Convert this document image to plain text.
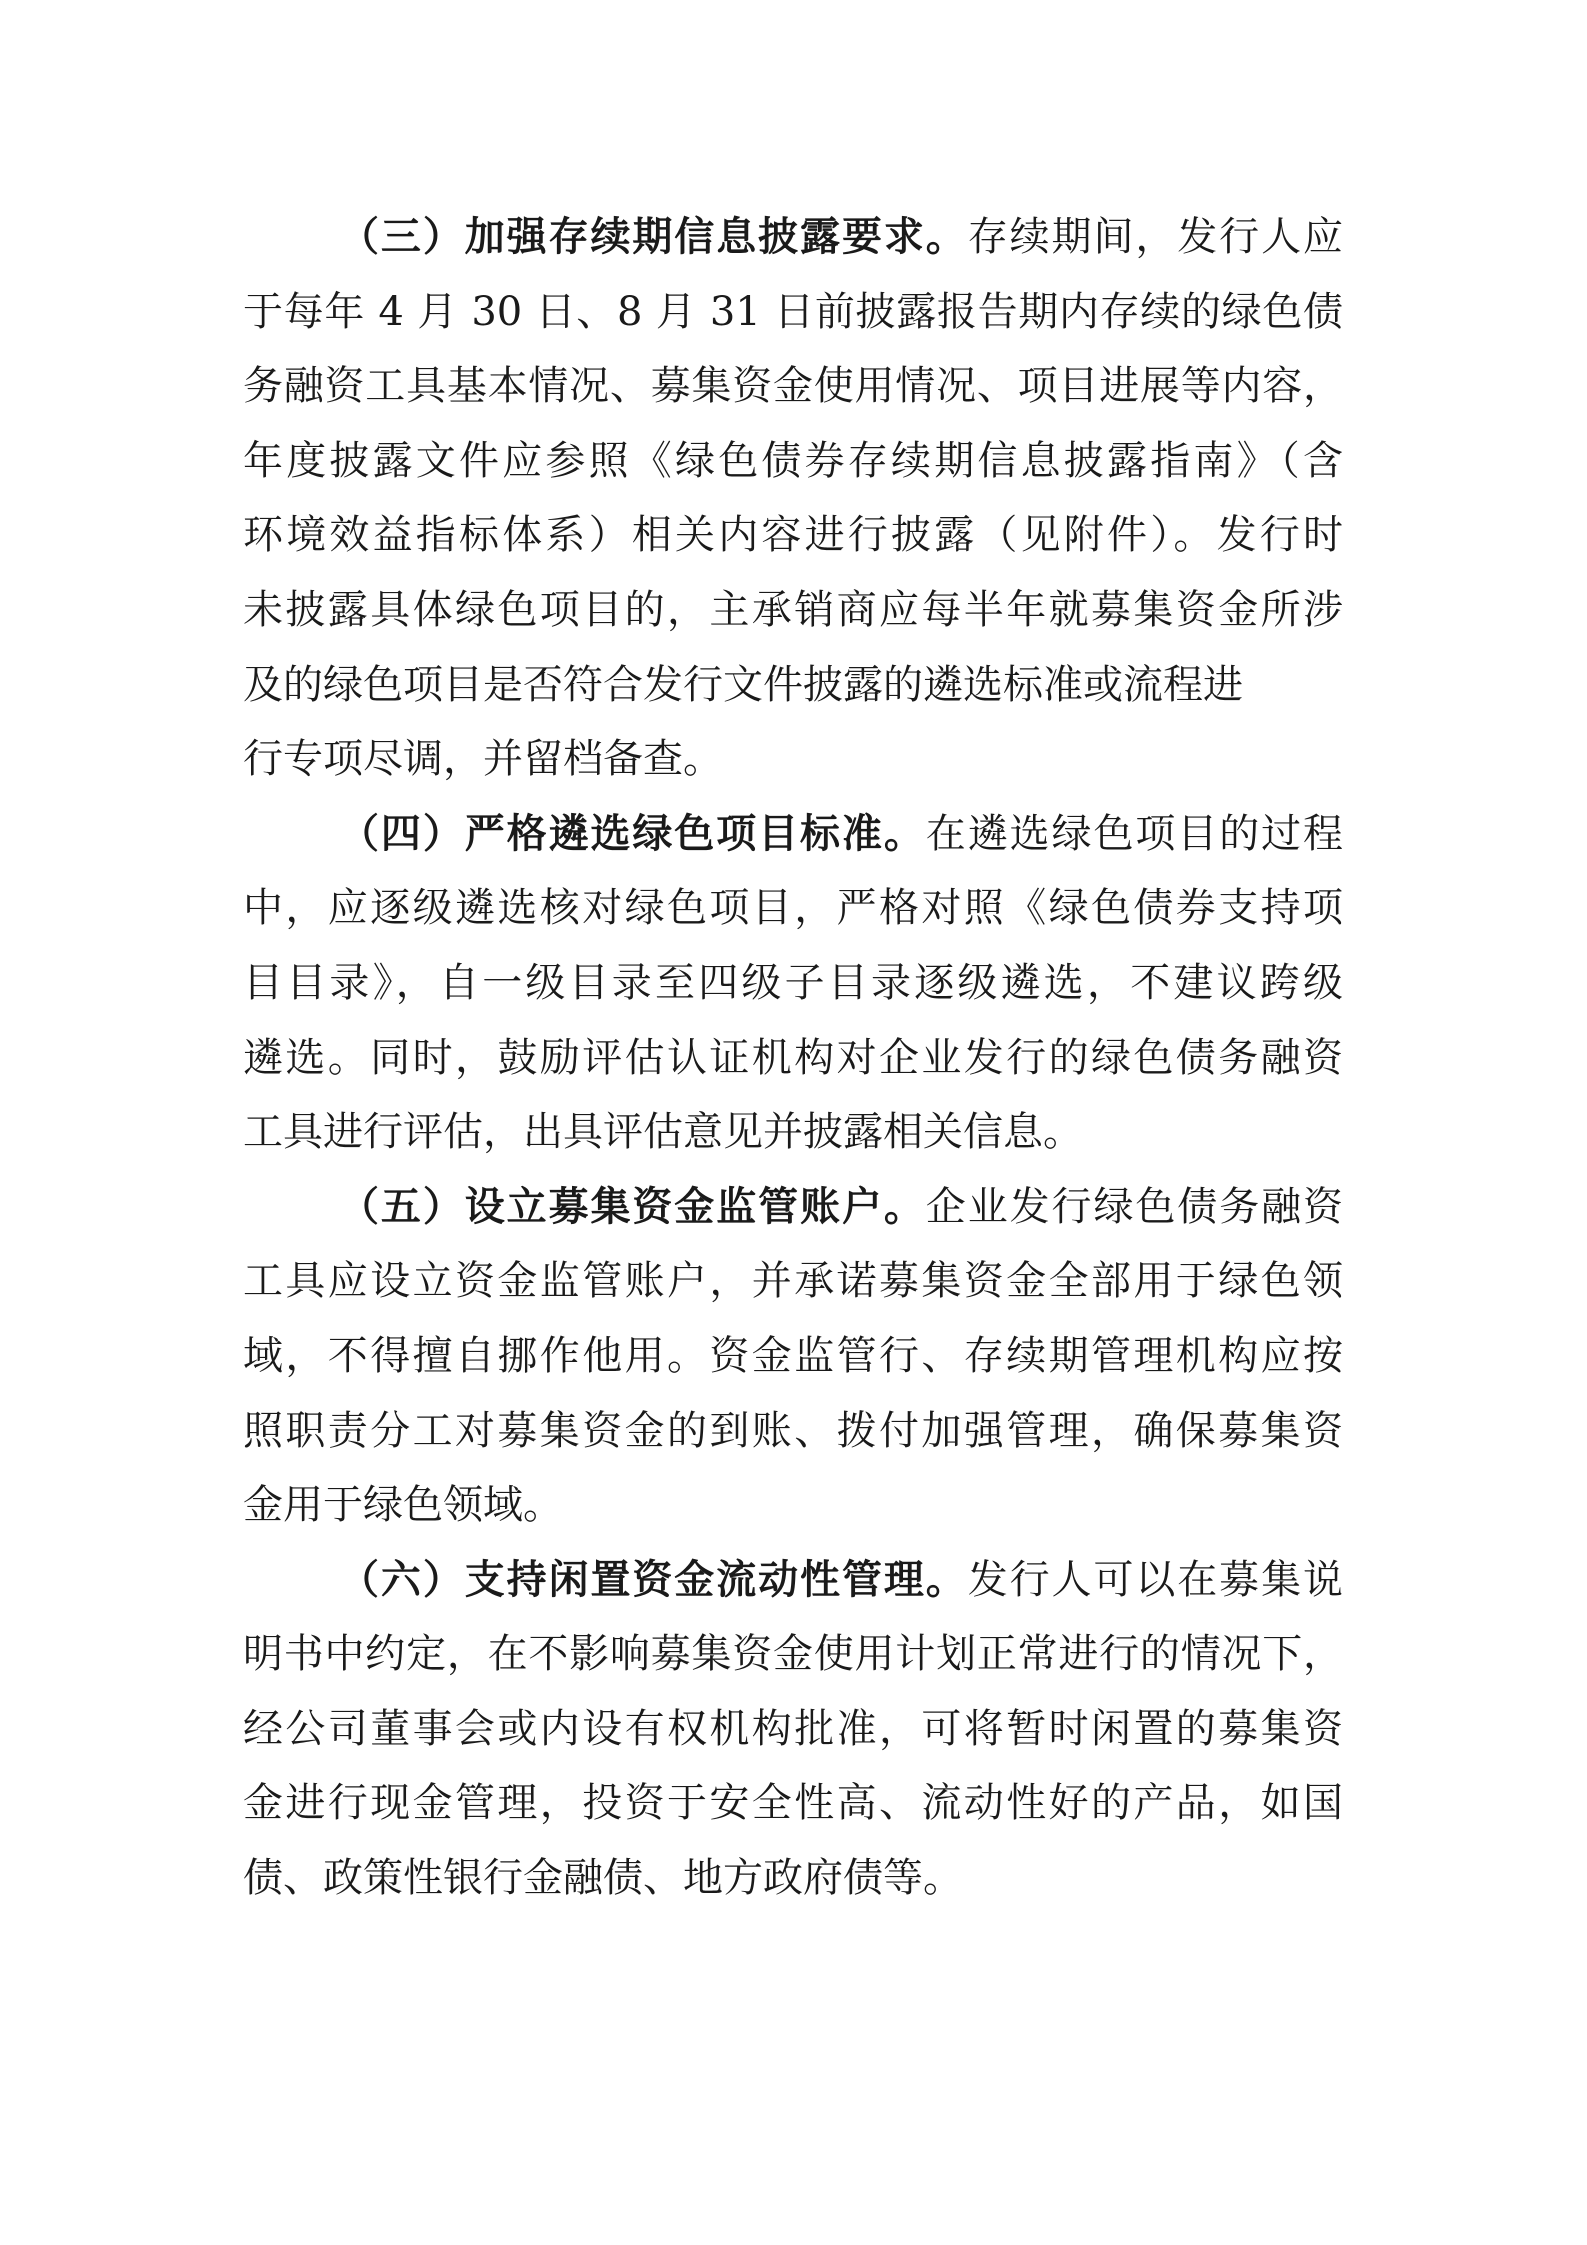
（三）加强存续期信息披露要求。存续期间，发行人应
于每年 4 月 30 日、8 月 31 日前披露报告期内存续的绿色债
务融资工具基本情况、募集资金使用情况、项目进展等内容，
年度披露文件应参照《绿色债券存续期信息披露指南》（含
环境效益指标体系）相关内容进行披露（见附件）。发行时
未披露具体绿色项目的，主承销商应每半年就募集资金所涉
及的绿色项目是否符合发行文件披露的遴选标准或流程进
行专项尽调，并留档备查。
（四）严格遴选绿色项目标准。在遴选绿色项目的过程
中，应逐级遴选核对绿色项目，严格对照《绿色债券支持项
目目录》，自一级目录至四级子目录逐级遴选，不建议跨级
遴选。同时，鼓励评估认证机构对企业发行的绿色债务融资
工具进行评估，出具评估意见并披露相关信息。
（五）设立募集资金监管账户。企业发行绿色债务融资
工具应设立资金监管账户，并承诺募集资金全部用于绿色领
域，不得擅自挪作他用。资金监管行、存续期管理机构应按
照职责分工对募集资金的到账、拨付加强管理，确保募集资
金用于绿色领域。
（六）支持闲置资金流动性管理。发行人可以在募集说
明书中约定，在不影响募集资金使用计划正常进行的情况下，
经公司董事会或内设有权机构批准，可将暂时闲置的募集资
金进行现金管理，投资于安全性高、流动性好的产品，如国
债、政策性银行金融债、地方政府债等。
